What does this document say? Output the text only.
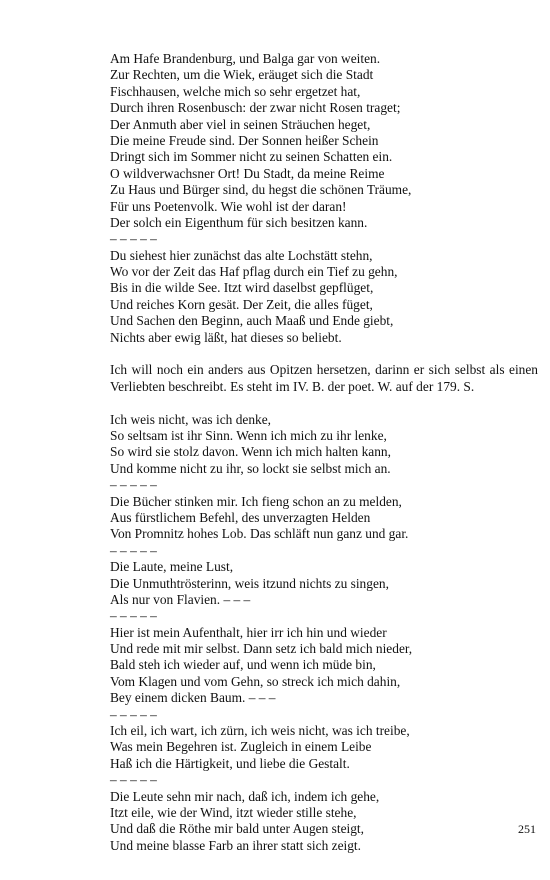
Am Hafe Brandenburg, und Balga gar von weiten.
Zur Rechten, um die Wiek, eräuget sich die Stadt
Fischhausen, welche mich so sehr ergetzet hat,
Durch ihren Rosenbusch: der zwar nicht Rosen traget;
Der Anmuth aber viel in seinen Sträuchen heget,
Die meine Freude sind. Der Sonnen heißer Schein
Dringt sich im Sommer nicht zu seinen Schatten ein.
O wildverwachsner Ort! Du Stadt, da meine Reime
Zu Haus und Bürger sind, du hegst die schönen Träume,
Für uns Poetenvolk. Wie wohl ist der daran!
Der solch ein Eigenthum für sich besitzen kann.
– – – – –
Du siehest hier zunächst das alte Lochstätt stehn,
Wo vor der Zeit das Haf pflag durch ein Tief zu gehn,
Bis in die wilde See. Itzt wird daselbst gepflüget,
Und reiches Korn gesät. Der Zeit, die alles füget,
Und Sachen den Beginn, auch Maaß und Ende giebt,
Nichts aber ewig läßt, hat dieses so beliebt.
Ich will noch ein anders aus Opitzen hersetzen, darinn er sich selbst als einen Verliebten beschreibt. Es steht im IV. B. der poet. W. auf der 179. S.
Ich weis nicht, was ich denke,
So seltsam ist ihr Sinn. Wenn ich mich zu ihr lenke,
So wird sie stolz davon. Wenn ich mich halten kann,
Und komme nicht zu ihr, so lockt sie selbst mich an.
– – – – –
Die Bücher stinken mir. Ich fieng schon an zu melden,
Aus fürstlichem Befehl, des unverzagten Helden
Von Promnitz hohes Lob. Das schläft nun ganz und gar.
– – – – –
Die Laute, meine Lust,
Die Unmuthtrösterinn, weis itzund nichts zu singen,
Als nur von Flavien. – – –
– – – – –
Hier ist mein Aufenthalt, hier irr ich hin und wieder
Und rede mit mir selbst. Dann setz ich bald mich nieder,
Bald steh ich wieder auf, und wenn ich müde bin,
Vom Klagen und vom Gehn, so streck ich mich dahin,
Bey einem dicken Baum. – – –
– – – – –
Ich eil, ich wart, ich zürn, ich weis nicht, was ich treibe,
Was mein Begehren ist. Zugleich in einem Leibe
Haß ich die Härtigkeit, und liebe die Gestalt.
– – – – –
Die Leute sehn mir nach, daß ich, indem ich gehe,
Itzt eile, wie der Wind, itzt wieder stille stehe,
Und daß die Röthe mir bald unter Augen steigt,
Und meine blasse Farb an ihrer statt sich zeigt.
251
